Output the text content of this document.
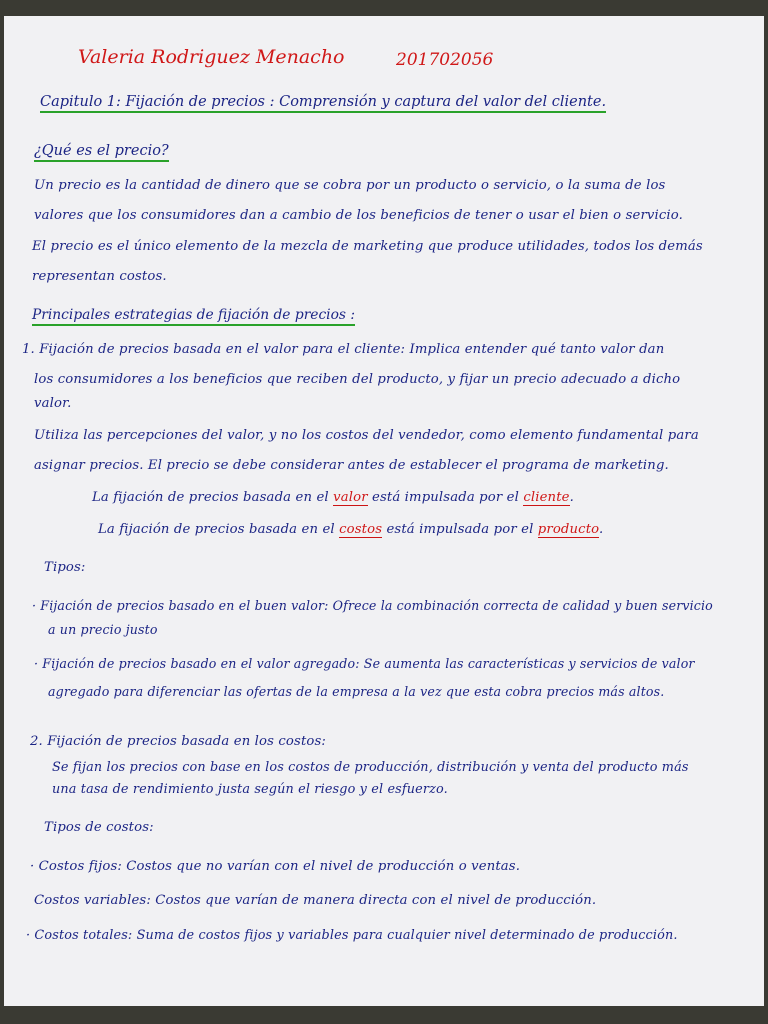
Valeria Rodriguez Menacho	201702056
Capitulo 1: Fijación de precios : Comprensión y captura del valor del cliente.
¿Qué es el precio?
Un precio es la cantidad de dinero que se cobra por un producto o servicio, o la suma de los
valores que los consumidores dan a cambio de los beneficios de tener o usar el bien o servicio.
El precio es el único elemento de la mezcla de marketing que produce utilidades, todos los demás
representan costos.
Principales estrategias de fijación de precios :
1. Fijación de precios basada en el valor para el cliente: Implica entender qué tanto valor dan
los consumidores a los beneficios que reciben del producto, y fijar un precio adecuado a dicho
valor.
Utiliza las percepciones del valor, y no los costos del vendedor, como elemento fundamental para
asignar precios. El precio se debe considerar antes de establecer el programa de marketing.
La fijación de precios basada en el valor está impulsada por el cliente.
La fijación de precios basada en el costos está impulsada por el producto.
Tipos:
· Fijación de precios basado en el buen valor: Ofrece la combinación correcta de calidad y buen servicio
a un precio justo
· Fijación de precios basado en el valor agregado: Se aumenta las características y servicios de valor
agregado para diferenciar las ofertas de la empresa a la vez que esta cobra precios más altos.
2. Fijación de precios basada en los costos:
Se fijan los precios con base en los costos de producción, distribución y venta del producto más
una tasa de rendimiento justa según el riesgo y el esfuerzo.
Tipos de costos:
· Costos fijos: Costos que no varían con el nivel de producción o ventas.
Costos variables: Costos que varían de manera directa con el nivel de producción.
· Costos totales: Suma de costos fijos y variables para cualquier nivel determinado de producción.
